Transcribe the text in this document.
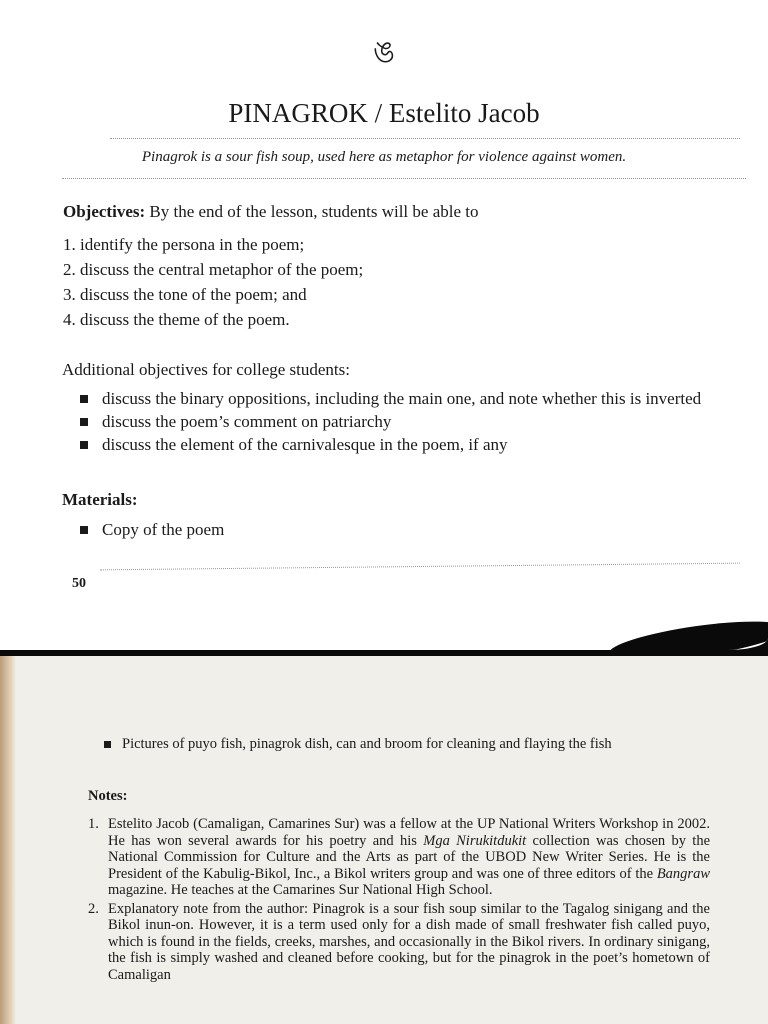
ঙ
PINAGROK / Estelito Jacob
Pinagrok is a sour fish soup, used here as metaphor for violence against women.
Objectives: By the end of the lesson, students will be able to
1. identify the persona in the poem;
2. discuss the central metaphor of the poem;
3. discuss the tone of the poem; and
4. discuss the theme of the poem.
Additional objectives for college students:
discuss the binary oppositions, including the main one, and note whether this is inverted
discuss the poem’s comment on patriarchy
discuss the element of the carnivalesque in the poem, if any
Materials:
Copy of the poem
50
Pictures of puyo fish, pinagrok dish, can and broom for cleaning and flaying the fish
Notes:
1. Estelito Jacob (Camaligan, Camarines Sur) was a fellow at the UP National Writers Workshop in 2002. He has won several awards for his poetry and his Mga Nirukitdukit collection was chosen by the National Commission for Culture and the Arts as part of the UBOD New Writer Series. He is the President of the Kabulig-Bikol, Inc., a Bikol writers group and was one of three editors of the Bangraw magazine. He teaches at the Camarines Sur National High School.
2. Explanatory note from the author: Pinagrok is a sour fish soup similar to the Tagalog sinigang and the Bikol inun-on. However, it is a term used only for a dish made of small freshwater fish called puyo, which is found in the fields, creeks, marshes, and occasionally in the Bikol rivers. In ordinary sinigang, the fish is simply washed and cleaned before cooking, but for the pinagrok in the poet’s hometown of Camaligan
